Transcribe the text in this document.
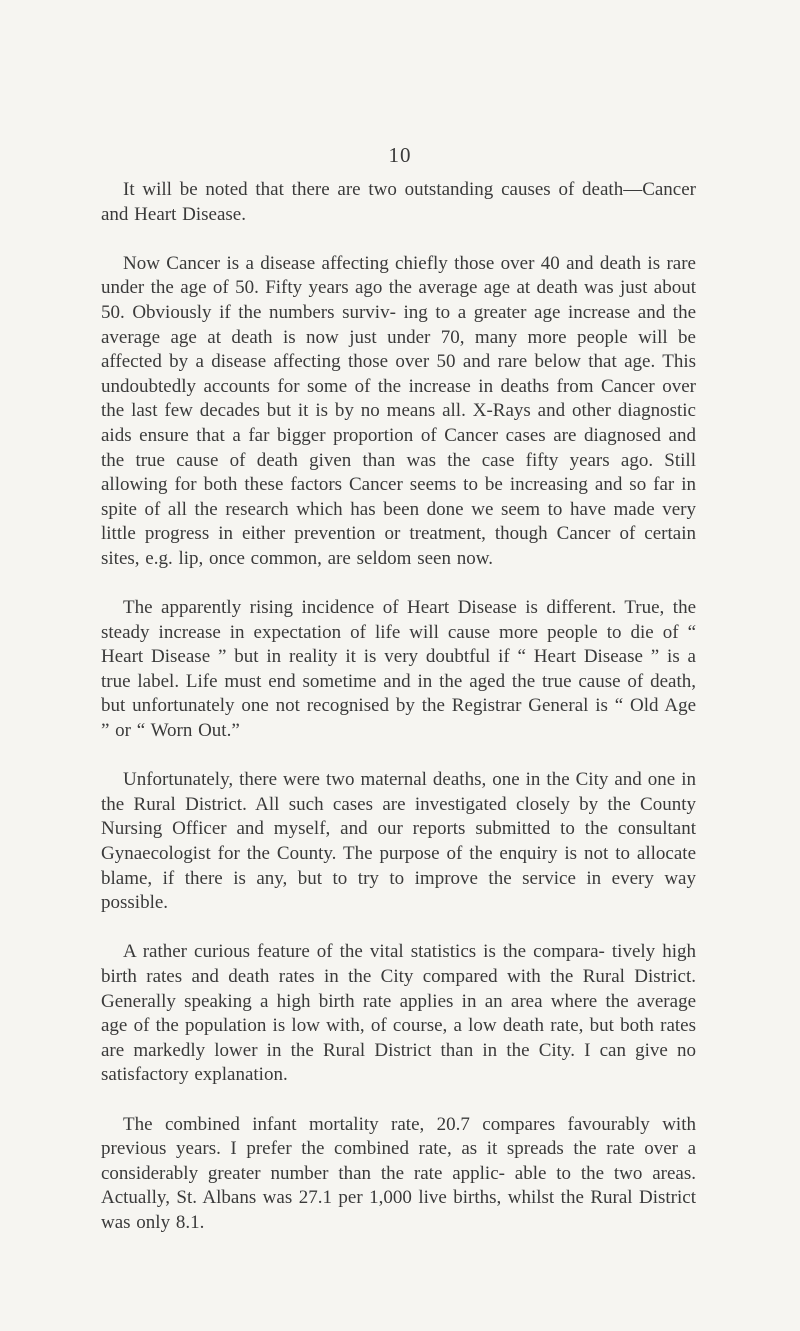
10

It will be noted that there are two outstanding causes of death—Cancer and Heart Disease.

Now Cancer is a disease affecting chiefly those over 40 and death is rare under the age of 50. Fifty years ago the average age at death was just about 50. Obviously if the numbers surviv- ing to a greater age increase and the average age at death is now just under 70, many more people will be affected by a disease affecting those over 50 and rare below that age. This undoubtedly accounts for some of the increase in deaths from Cancer over the last few decades but it is by no means all. X-Rays and other diagnostic aids ensure that a far bigger proportion of Cancer cases are diagnosed and the true cause of death given than was the case fifty years ago. Still allowing for both these factors Cancer seems to be increasing and so far in spite of all the research which has been done we seem to have made very little progress in either prevention or treatment, though Cancer of certain sites, e.g. lip, once common, are seldom seen now.

The apparently rising incidence of Heart Disease is different. True, the steady increase in expectation of life will cause more people to die of “ Heart Disease ” but in reality it is very doubtful if “ Heart Disease ” is a true label. Life must end sometime and in the aged the true cause of death, but unfortunately one not recognised by the Registrar General is “ Old Age ” or “ Worn Out.”

Unfortunately, there were two maternal deaths, one in the City and one in the Rural District. All such cases are investigated closely by the County Nursing Officer and myself, and our reports submitted to the consultant Gynaecologist for the County. The purpose of the enquiry is not to allocate blame, if there is any, but to try to improve the service in every way possible.

A rather curious feature of the vital statistics is the compara- tively high birth rates and death rates in the City compared with the Rural District. Generally speaking a high birth rate applies in an area where the average age of the population is low with, of course, a low death rate, but both rates are markedly lower in the Rural District than in the City. I can give no satisfactory explanation.

The combined infant mortality rate, 20.7 compares favourably with previous years. I prefer the combined rate, as it spreads the rate over a considerably greater number than the rate applic- able to the two areas. Actually, St. Albans was 27.1 per 1,000 live births, whilst the Rural District was only 8.1.
